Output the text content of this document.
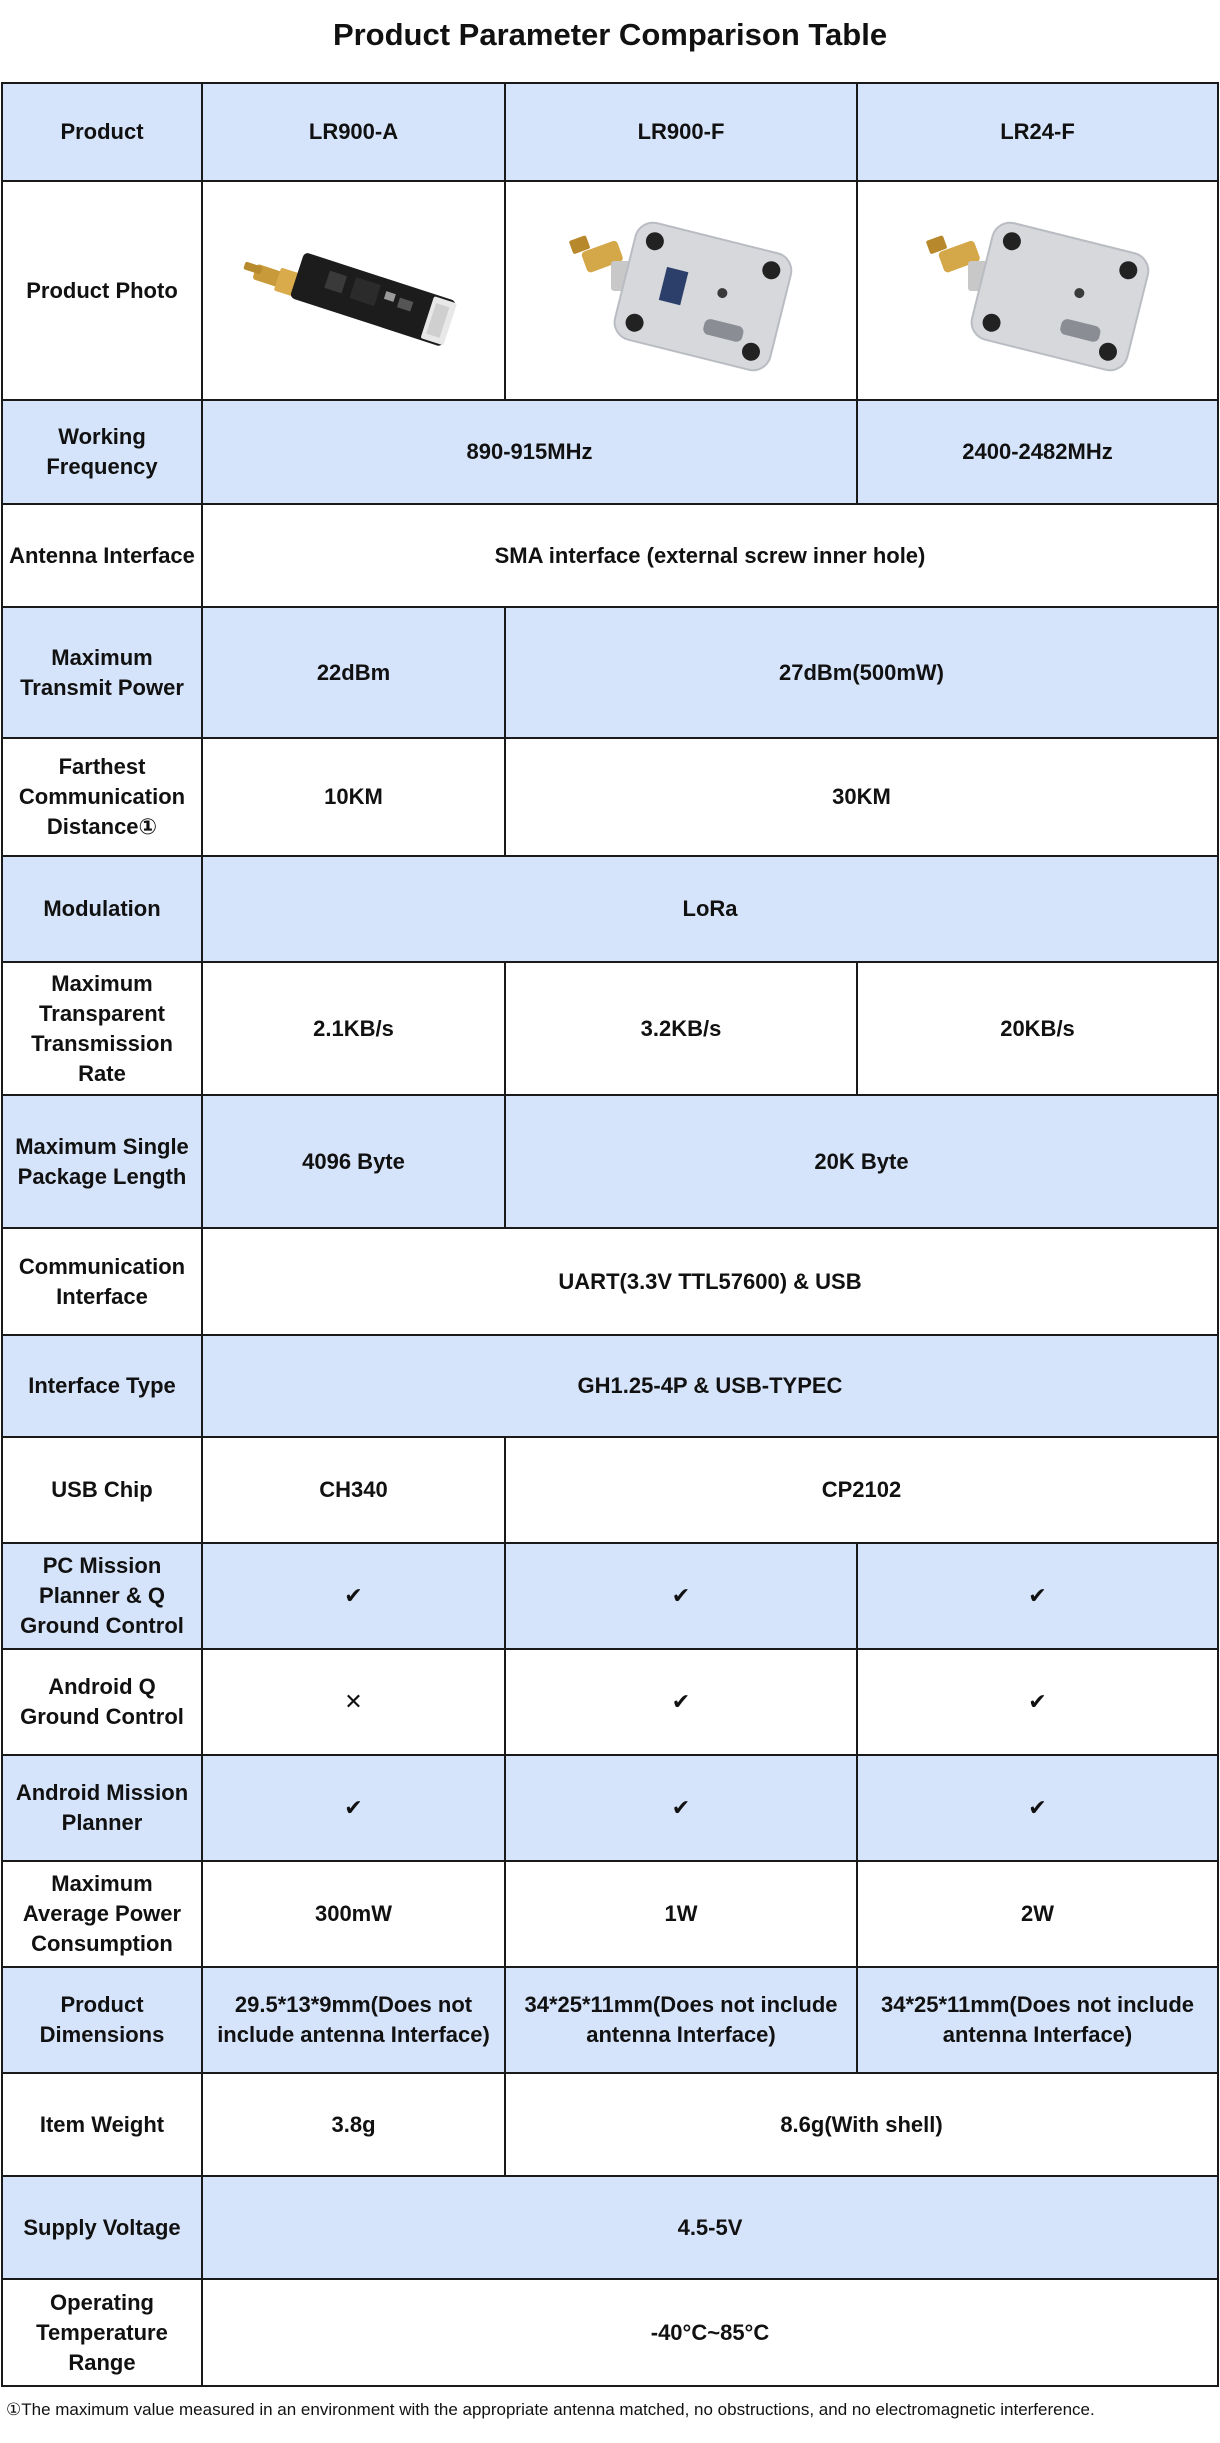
Product Parameter Comparison Table
Product	LR900-A	LR900-F	LR24-F
Product Photo	

Working Frequency	890-915MHz		2400-2482MHz
Antenna Interface	SMA interface (external screw inner hole)		
Maximum Transmit Power	22dBm	27dBm(500mW)	
Farthest Communication Distance①	10KM	30KM	
Modulation	LoRa		
Maximum Transparent Transmission Rate	2.1KB/s	3.2KB/s	20KB/s
Maximum Single Package Length	4096 Byte	20K Byte	
Communication Interface	UART(3.3V TTL57600) & USB		
Interface Type	GH1.25-4P & USB-TYPEC		
USB Chip	CH340	CP2102	
PC Mission Planner & Q Ground Control	✔	✔	✔
Android Q Ground Control	✕	✔	✔
Android Mission Planner	✔	✔	✔
Maximum Average Power Consumption	300mW	1W	2W
Product Dimensions	29.5*13*9mm(Does not include antenna Interface)	34*25*11mm(Does not include antenna Interface)	34*25*11mm(Does not include antenna Interface)
Item Weight	3.8g	8.6g(With shell)	
Supply Voltage	4.5-5V		
Operating Temperature Range	-40°C~85°C		
①The maximum value measured in an environment with the appropriate antenna matched, no obstructions, and no electromagnetic interference.
